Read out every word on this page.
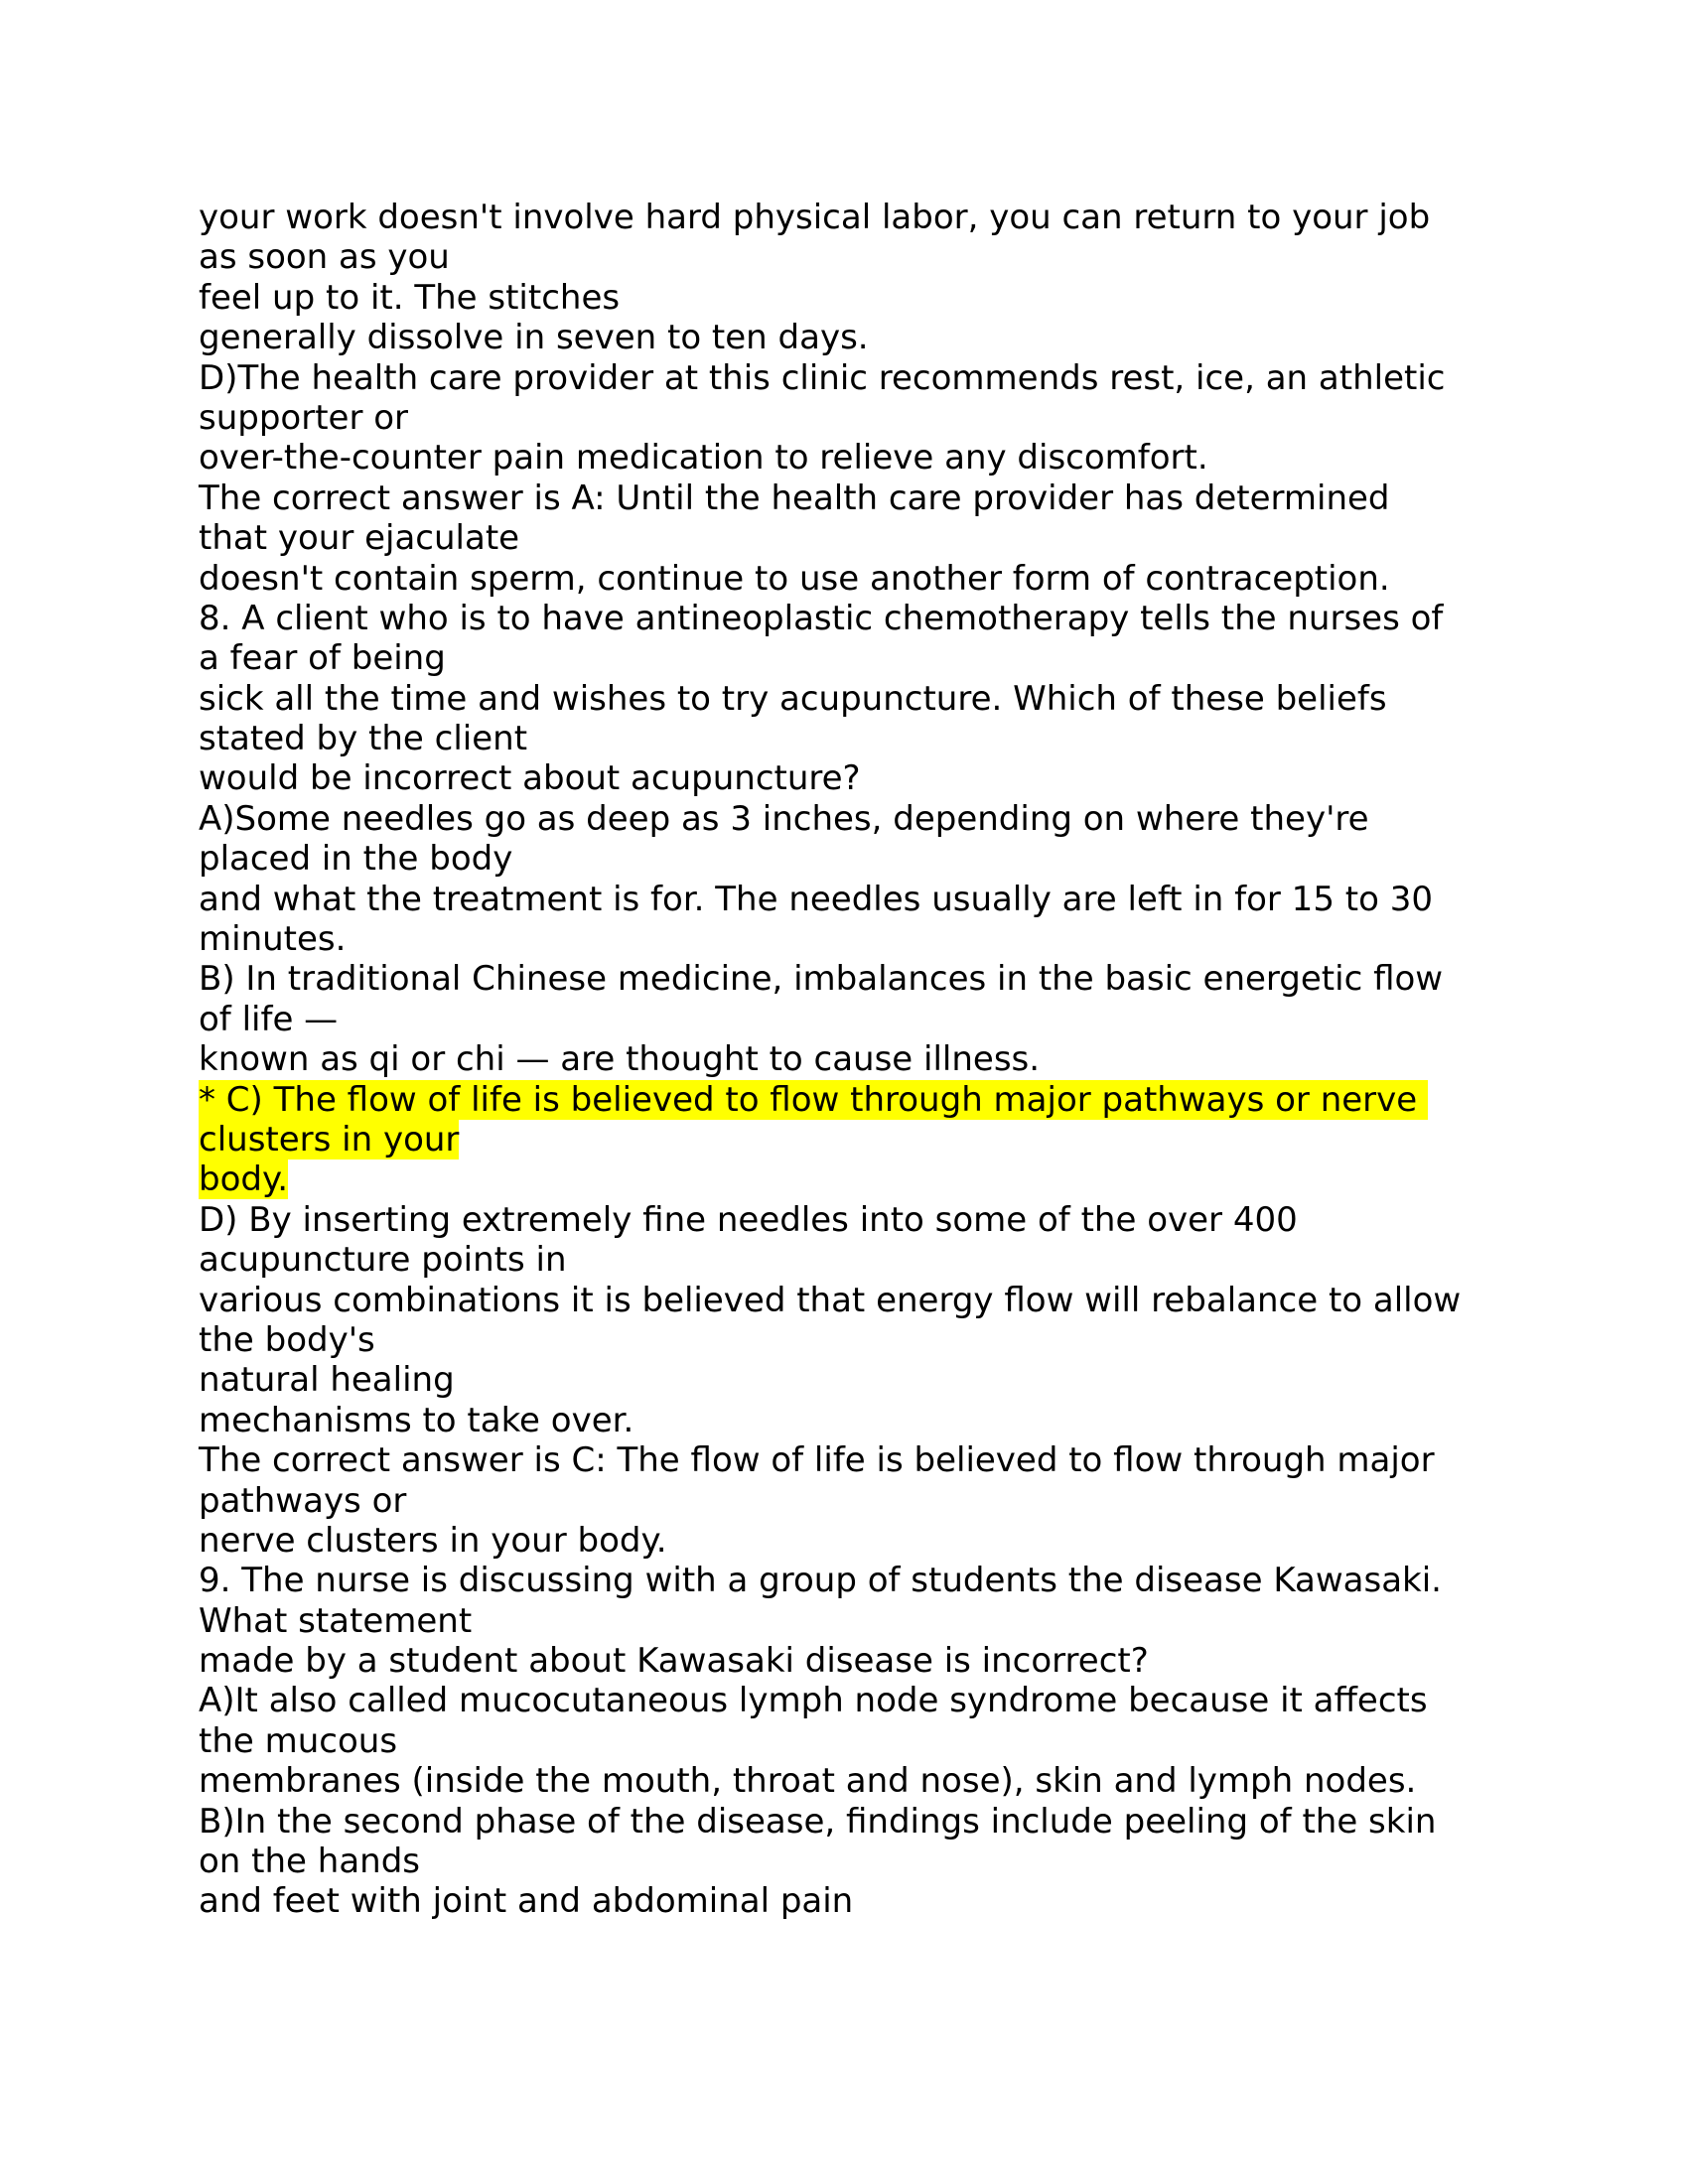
your work doesn't involve hard physical labor, you can return to your job
as soon as you
feel up to it. The stitches
generally dissolve in seven to ten days.
D)The health care provider at this clinic recommends rest, ice, an athletic
supporter or
over-the-counter pain medication to relieve any discomfort.
The correct answer is A: Until the health care provider has determined
that your ejaculate
doesn't contain sperm, continue to use another form of contraception.
8. A client who is to have antineoplastic chemotherapy tells the nurses of
a fear of being
sick all the time and wishes to try acupuncture. Which of these beliefs
stated by the client
would be incorrect about acupuncture?
A)Some needles go as deep as 3 inches, depending on where they're
placed in the body
and what the treatment is for. The needles usually are left in for 15 to 30
minutes.
B) In traditional Chinese medicine, imbalances in the basic energetic flow
of life —
known as qi or chi — are thought to cause illness.
* C) The flow of life is believed to flow through major pathways or nerve
clusters in your
body.
D) By inserting extremely fine needles into some of the over 400
acupuncture points in
various combinations it is believed that energy flow will rebalance to allow
the body's
natural healing
mechanisms to take over.
The correct answer is C: The flow of life is believed to flow through major
pathways or
nerve clusters in your body.
9. The nurse is discussing with a group of students the disease Kawasaki.
What statement
made by a student about Kawasaki disease is incorrect?
A)It also called mucocutaneous lymph node syndrome because it affects
the mucous
membranes (inside the mouth, throat and nose), skin and lymph nodes.
B)In the second phase of the disease, findings include peeling of the skin
on the hands
and feet with joint and abdominal pain
